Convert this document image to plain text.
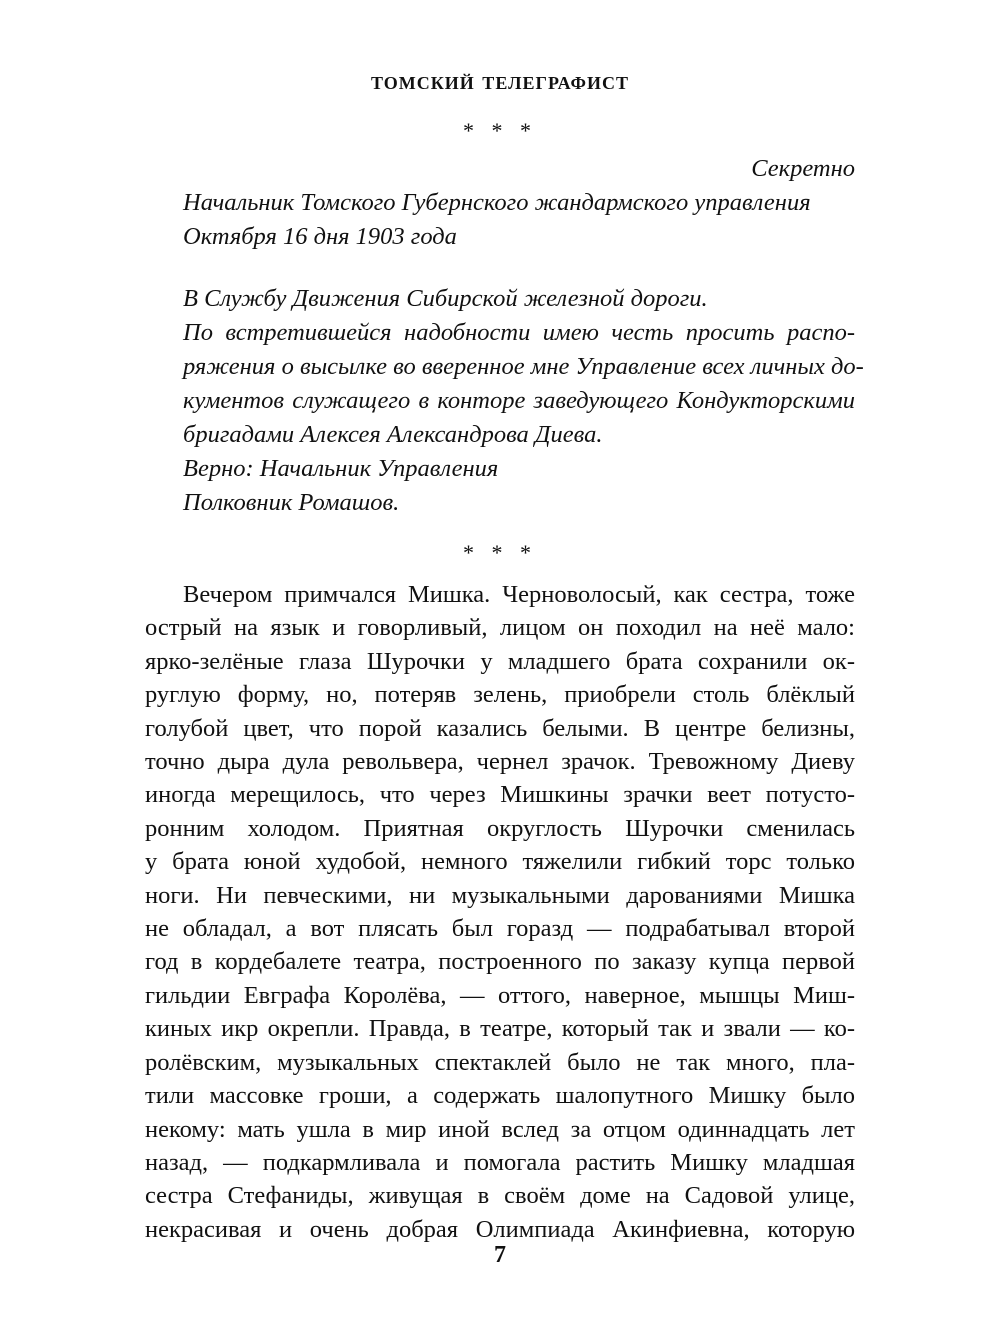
томский телеграфист
* * *
Секретно
Начальник Томского Губернского жандармского управления
Октября 16 дня 1903 года
В Службу Движения Сибирской железной дороги.
По встретившейся надобности имею честь просить распо-
ряжения о высылке во вверенное мне Управление всех личных до-
кументов служащего в конторе заведующего Кондукторскими
бригадами Алексея Александрова Диева.
Верно: Начальник Управления
Полковник Ромашов.
* * *
Вечером примчался Мишка. Черноволосый, как сестра, тоже
острый на язык и говорливый, лицом он походил на неё мало:
ярко-зелёные глаза Шурочки у младшего брата сохранили ок-
руглую форму, но, потеряв зелень, приобрели столь блёклый
голубой цвет, что порой казались белыми. В центре белизны,
точно дыра дула револьвера, чернел зрачок. Тревожному Диеву
иногда мерещилось, что через Мишкины зрачки веет потусто-
ронним холодом. Приятная округлость Шурочки сменилась
у брата юной худобой, немного тяжелили гибкий торс только
ноги. Ни певческими, ни музыкальными дарованиями Мишка
не обладал, а вот плясать был горазд — подрабатывал второй
год в кордебалете театра, построенного по заказу купца первой
гильдии Евграфа Королёва, — оттого, наверное, мышцы Миш-
киных икр окрепли. Правда, в театре, который так и звали — ко-
ролёвским, музыкальных спектаклей было не так много, пла-
тили массовке гроши, а содержать шалопутного Мишку было
некому: мать ушла в мир иной вслед за отцом одиннадцать лет
назад, — подкармливала и помогала растить Мишку младшая
сестра Стефаниды, живущая в своём доме на Садовой улице,
некрасивая и очень добрая Олимпиада Акинфиевна, которую
7
